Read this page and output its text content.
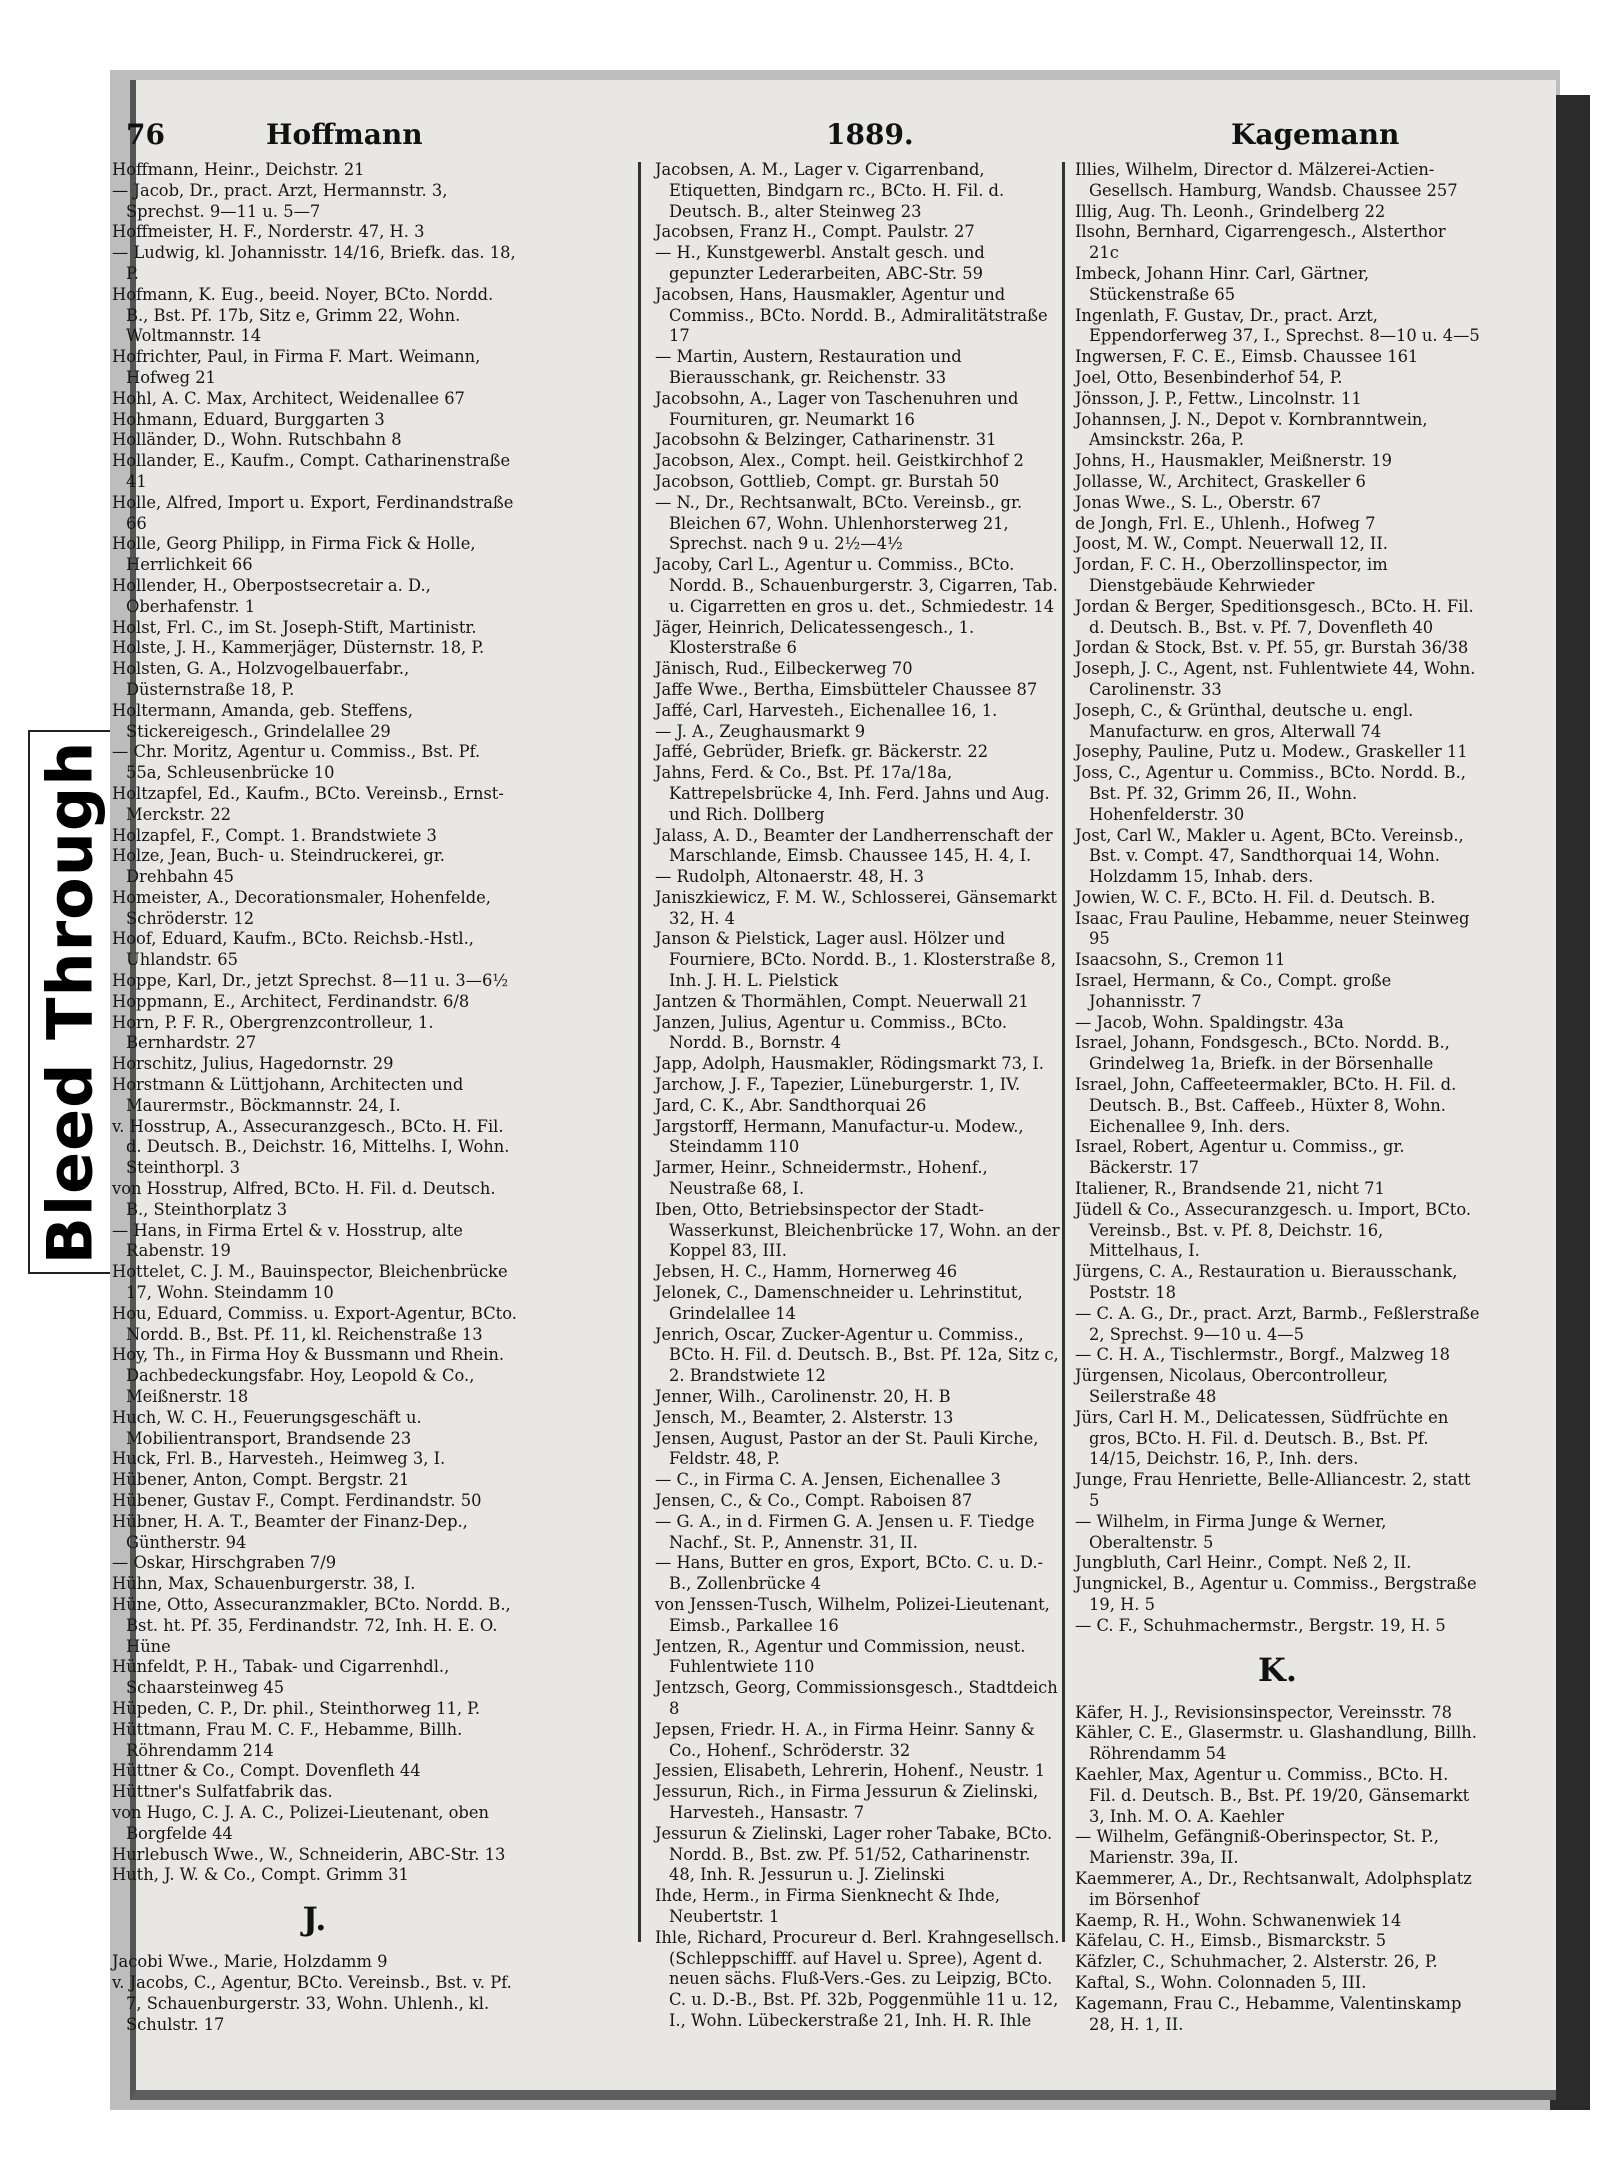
Bleed Through
76	Hoffmann	1889.	Kagemann

Hoffmann, Heinr., Deichstr. 21

— Jacob, Dr., pract. Arzt, Hermannstr. 3, Sprechst. 9—11 u. 5—7

Hoffmeister, H. F., Norderstr. 47, H. 3

— Ludwig, kl. Johannisstr. 14/16, Briefk. das. 18, P.

Hofmann, K. Eug., beeid. Noyer, BCto. Nordd. B., Bst. Pf. 17b, Sitz e, Grimm 22, Wohn. Woltmannstr. 14

Hofrichter, Paul, in Firma F. Mart. Weimann, Hofweg 21

Hohl, A. C. Max, Architect, Weidenallee 67

Hohmann, Eduard, Burggarten 3

Holländer, D., Wohn. Rutschbahn 8

Hollander, E., Kaufm., Compt. Catharinenstraße 41

Holle, Alfred, Import u. Export, Ferdinandstraße 66

Holle, Georg Philipp, in Firma Fick & Holle, Herrlichkeit 66

Hollender, H., Oberpostsecretair a. D., Oberhafenstr. 1

Holst, Frl. C., im St. Joseph-Stift, Martinistr.

Holste, J. H., Kammerjäger, Düsternstr. 18, P.

Holsten, G. A., Holzvogelbauerfabr., Düsternstraße 18, P.

Holtermann, Amanda, geb. Steffens, Stickereigesch., Grindelallee 29

— Chr. Moritz, Agentur u. Commiss., Bst. Pf. 55a, Schleusenbrücke 10

Holtzapfel, Ed., Kaufm., BCto. Vereinsb., Ernst-Merckstr. 22

Holzapfel, F., Compt. 1. Brandstwiete 3

Holze, Jean, Buch- u. Steindruckerei, gr. Drehbahn 45

Homeister, A., Decorationsmaler, Hohenfelde, Schröderstr. 12

Hoof, Eduard, Kaufm., BCto. Reichsb.-Hstl., Uhlandstr. 65

Hoppe, Karl, Dr., jetzt Sprechst. 8—11 u. 3—6½

Hoppmann, E., Architect, Ferdinandstr. 6/8

Horn, P. F. R., Obergrenzcontrolleur, 1. Bernhardstr. 27

Horschitz, Julius, Hagedornstr. 29

Horstmann & Lüttjohann, Architecten und Maurermstr., Böckmannstr. 24, I.

v. Hosstrup, A., Assecuranzgesch., BCto. H. Fil. d. Deutsch. B., Deichstr. 16, Mittelhs. I, Wohn. Steinthorpl. 3

von Hosstrup, Alfred, BCto. H. Fil. d. Deutsch. B., Steinthorplatz 3

— Hans, in Firma Ertel & v. Hosstrup, alte Rabenstr. 19

Hottelet, C. J. M., Bauinspector, Bleichenbrücke 17, Wohn. Steindamm 10

Hou, Eduard, Commiss. u. Export-Agentur, BCto. Nordd. B., Bst. Pf. 11, kl. Reichenstraße 13

Hoy, Th., in Firma Hoy & Bussmann und Rhein. Dachbedeckungsfabr. Hoy, Leopold & Co., Meißnerstr. 18

Huch, W. C. H., Feuerungsgeschäft u. Mobilientransport, Brandsende 23

Huck, Frl. B., Harvesteh., Heimweg 3, I.

Hübener, Anton, Compt. Bergstr. 21

Hübener, Gustav F., Compt. Ferdinandstr. 50

Hübner, H. A. T., Beamter der Finanz-Dep., Güntherstr. 94

— Oskar, Hirschgraben 7/9

Hühn, Max, Schauenburgerstr. 38, I.

Hüne, Otto, Assecuranzmakler, BCto. Nordd. B., Bst. ht. Pf. 35, Ferdinandstr. 72, Inh. H. E. O. Hüne

Hünfeldt, P. H., Tabak- und Cigarrenhdl., Schaarsteinweg 45

Hüpeden, C. P., Dr. phil., Steinthorweg 11, P.

Hüttmann, Frau M. C. F., Hebamme, Billh. Röhrendamm 214

Hüttner & Co., Compt. Dovenfleth 44

Hüttner's Sulfatfabrik das.

von Hugo, C. J. A. C., Polizei-Lieutenant, oben Borgfelde 44

Hurlebusch Wwe., W., Schneiderin, ABC-Str. 13

Huth, J. W. & Co., Compt. Grimm 31

J.

Jacobi Wwe., Marie, Holzdamm 9

v. Jacobs, C., Agentur, BCto. Vereinsb., Bst. v. Pf. 7, Schauenburgerstr. 33, Wohn. Uhlenh., kl. Schulstr. 17

Jacobsen, A. M., Lager v. Cigarrenband, Etiquetten, Bindgarn rc., BCto. H. Fil. d. Deutsch. B., alter Steinweg 23

Jacobsen, Franz H., Compt. Paulstr. 27

— H., Kunstgewerbl. Anstalt gesch. und gepunzter Lederarbeiten, ABC-Str. 59

Jacobsen, Hans, Hausmakler, Agentur und Commiss., BCto. Nordd. B., Admiralitätstraße 17

— Martin, Austern, Restauration und Bierausschank, gr. Reichenstr. 33

Jacobsohn, A., Lager von Taschenuhren und Fournituren, gr. Neumarkt 16

Jacobsohn & Belzinger, Catharinenstr. 31

Jacobson, Alex., Compt. heil. Geistkirchhof 2

Jacobson, Gottlieb, Compt. gr. Burstah 50

— N., Dr., Rechtsanwalt, BCto. Vereinsb., gr. Bleichen 67, Wohn. Uhlenhorsterweg 21, Sprechst. nach 9 u. 2½—4½

Jacoby, Carl L., Agentur u. Commiss., BCto. Nordd. B., Schauenburgerstr. 3, Cigarren, Tab. u. Cigarretten en gros u. det., Schmiedestr. 14

Jäger, Heinrich, Delicatessengesch., 1. Klosterstraße 6

Jänisch, Rud., Eilbeckerweg 70

Jaffe Wwe., Bertha, Eimsbütteler Chaussee 87

Jaffé, Carl, Harvesteh., Eichenallee 16, 1.

— J. A., Zeughausmarkt 9

Jaffé, Gebrüder, Briefk. gr. Bäckerstr. 22

Jahns, Ferd. & Co., Bst. Pf. 17a/18a, Kattrepelsbrücke 4, Inh. Ferd. Jahns und Aug. und Rich. Dollberg

Jalass, A. D., Beamter der Landherrenschaft der Marschlande, Eimsb. Chaussee 145, H. 4, I.

— Rudolph, Altonaerstr. 48, H. 3

Janiszkiewicz, F. M. W., Schlosserei, Gänsemarkt 32, H. 4

Janson & Pielstick, Lager ausl. Hölzer und Fourniere, BCto. Nordd. B., 1. Klosterstraße 8, Inh. J. H. L. Pielstick

Jantzen & Thormählen, Compt. Neuerwall 21

Janzen, Julius, Agentur u. Commiss., BCto. Nordd. B., Bornstr. 4

Japp, Adolph, Hausmakler, Rödingsmarkt 73, I.

Jarchow, J. F., Tapezier, Lüneburgerstr. 1, IV.

Jard, C. K., Abr. Sandthorquai 26

Jargstorff, Hermann, Manufactur-u. Modew., Steindamm 110

Jarmer, Heinr., Schneidermstr., Hohenf., Neustraße 68, I.

Iben, Otto, Betriebsinspector der Stadt-Wasserkunst, Bleichenbrücke 17, Wohn. an der Koppel 83, III.

Jebsen, H. C., Hamm, Hornerweg 46

Jelonek, C., Damenschneider u. Lehrinstitut, Grindelallee 14

Jenrich, Oscar, Zucker-Agentur u. Commiss., BCto. H. Fil. d. Deutsch. B., Bst. Pf. 12a, Sitz c, 2. Brandstwiete 12

Jenner, Wilh., Carolinenstr. 20, H. B

Jensch, M., Beamter, 2. Alsterstr. 13

Jensen, August, Pastor an der St. Pauli Kirche, Feldstr. 48, P.

— C., in Firma C. A. Jensen, Eichenallee 3

Jensen, C., & Co., Compt. Raboisen 87

— G. A., in d. Firmen G. A. Jensen u. F. Tiedge Nachf., St. P., Annenstr. 31, II.

— Hans, Butter en gros, Export, BCto. C. u. D.-B., Zollenbrücke 4

von Jenssen-Tusch, Wilhelm, Polizei-Lieutenant, Eimsb., Parkallee 16

Jentzen, R., Agentur und Commission, neust. Fuhlentwiete 110

Jentzsch, Georg, Commissionsgesch., Stadtdeich 8

Jepsen, Friedr. H. A., in Firma Heinr. Sanny & Co., Hohenf., Schröderstr. 32

Jessien, Elisabeth, Lehrerin, Hohenf., Neustr. 1

Jessurun, Rich., in Firma Jessurun & Zielinski, Harvesteh., Hansastr. 7

Jessurun & Zielinski, Lager roher Tabake, BCto. Nordd. B., Bst. zw. Pf. 51/52, Catharinenstr. 48, Inh. R. Jessurun u. J. Zielinski

Ihde, Herm., in Firma Sienknecht & Ihde, Neubertstr. 1

Ihle, Richard, Procureur d. Berl. Krahngesellsch. (Schleppschifff. auf Havel u. Spree), Agent d. neuen sächs. Fluß-Vers.-Ges. zu Leipzig, BCto. C. u. D.-B., Bst. Pf. 32b, Poggenmühle 11 u. 12, I., Wohn. Lübeckerstraße 21, Inh. H. R. Ihle

Illies, Wilhelm, Director d. Mälzerei-Actien-Gesellsch. Hamburg, Wandsb. Chaussee 257

Illig, Aug. Th. Leonh., Grindelberg 22

Ilsohn, Bernhard, Cigarrengesch., Alsterthor 21c

Imbeck, Johann Hinr. Carl, Gärtner, Stückenstraße 65

Ingenlath, F. Gustav, Dr., pract. Arzt, Eppendorferweg 37, I., Sprechst. 8—10 u. 4—5

Ingwersen, F. C. E., Eimsb. Chaussee 161

Joel, Otto, Besenbinderhof 54, P.

Jönsson, J. P., Fettw., Lincolnstr. 11

Johannsen, J. N., Depot v. Kornbranntwein, Amsinckstr. 26a, P.

Johns, H., Hausmakler, Meißnerstr. 19

Jollasse, W., Architect, Graskeller 6

Jonas Wwe., S. L., Oberstr. 67

de Jongh, Frl. E., Uhlenh., Hofweg 7

Joost, M. W., Compt. Neuerwall 12, II.

Jordan, F. C. H., Oberzollinspector, im Dienstgebäude Kehrwieder

Jordan & Berger, Speditionsgesch., BCto. H. Fil. d. Deutsch. B., Bst. v. Pf. 7, Dovenfleth 40

Jordan & Stock, Bst. v. Pf. 55, gr. Burstah 36/38

Joseph, J. C., Agent, nst. Fuhlentwiete 44, Wohn. Carolinenstr. 33

Joseph, C., & Grünthal, deutsche u. engl. Manufacturw. en gros, Alterwall 74

Josephy, Pauline, Putz u. Modew., Graskeller 11

Joss, C., Agentur u. Commiss., BCto. Nordd. B., Bst. Pf. 32, Grimm 26, II., Wohn. Hohenfelderstr. 30

Jost, Carl W., Makler u. Agent, BCto. Vereinsb., Bst. v. Compt. 47, Sandthorquai 14, Wohn. Holzdamm 15, Inhab. ders.

Jowien, W. C. F., BCto. H. Fil. d. Deutsch. B.

Isaac, Frau Pauline, Hebamme, neuer Steinweg 95

Isaacsohn, S., Cremon 11

Israel, Hermann, & Co., Compt. große Johannisstr. 7

— Jacob, Wohn. Spaldingstr. 43a

Israel, Johann, Fondsgesch., BCto. Nordd. B., Grindelweg 1a, Briefk. in der Börsenhalle

Israel, John, Caffeeteermakler, BCto. H. Fil. d. Deutsch. B., Bst. Caffeeb., Hüxter 8, Wohn. Eichenallee 9, Inh. ders.

Israel, Robert, Agentur u. Commiss., gr. Bäckerstr. 17

Italiener, R., Brandsende 21, nicht 71

Jüdell & Co., Assecuranzgesch. u. Import, BCto. Vereinsb., Bst. v. Pf. 8, Deichstr. 16, Mittelhaus, I.

Jürgens, C. A., Restauration u. Bierausschank, Poststr. 18

— C. A. G., Dr., pract. Arzt, Barmb., Feßlerstraße 2, Sprechst. 9—10 u. 4—5

— C. H. A., Tischlermstr., Borgf., Malzweg 18

Jürgensen, Nicolaus, Obercontrolleur, Seilerstraße 48

Jürs, Carl H. M., Delicatessen, Südfrüchte en gros, BCto. H. Fil. d. Deutsch. B., Bst. Pf. 14/15, Deichstr. 16, P., Inh. ders.

Junge, Frau Henriette, Belle-Alliancestr. 2, statt 5

— Wilhelm, in Firma Junge & Werner, Oberaltenstr. 5

Jungbluth, Carl Heinr., Compt. Neß 2, II.

Jungnickel, B., Agentur u. Commiss., Bergstraße 19, H. 5

— C. F., Schuhmachermstr., Bergstr. 19, H. 5

K.

Käfer, H. J., Revisionsinspector, Vereinsstr. 78

Kähler, C. E., Glasermstr. u. Glashandlung, Billh. Röhrendamm 54

Kaehler, Max, Agentur u. Commiss., BCto. H. Fil. d. Deutsch. B., Bst. Pf. 19/20, Gänsemarkt 3, Inh. M. O. A. Kaehler

— Wilhelm, Gefängniß-Oberinspector, St. P., Marienstr. 39a, II.

Kaemmerer, A., Dr., Rechtsanwalt, Adolphsplatz im Börsenhof

Kaemp, R. H., Wohn. Schwanenwiek 14

Käfelau, C. H., Eimsb., Bismarckstr. 5

Käfzler, C., Schuhmacher, 2. Alsterstr. 26, P.

Kaftal, S., Wohn. Colonnaden 5, III.

Kagemann, Frau C., Hebamme, Valentinskamp 28, H. 1, II.
